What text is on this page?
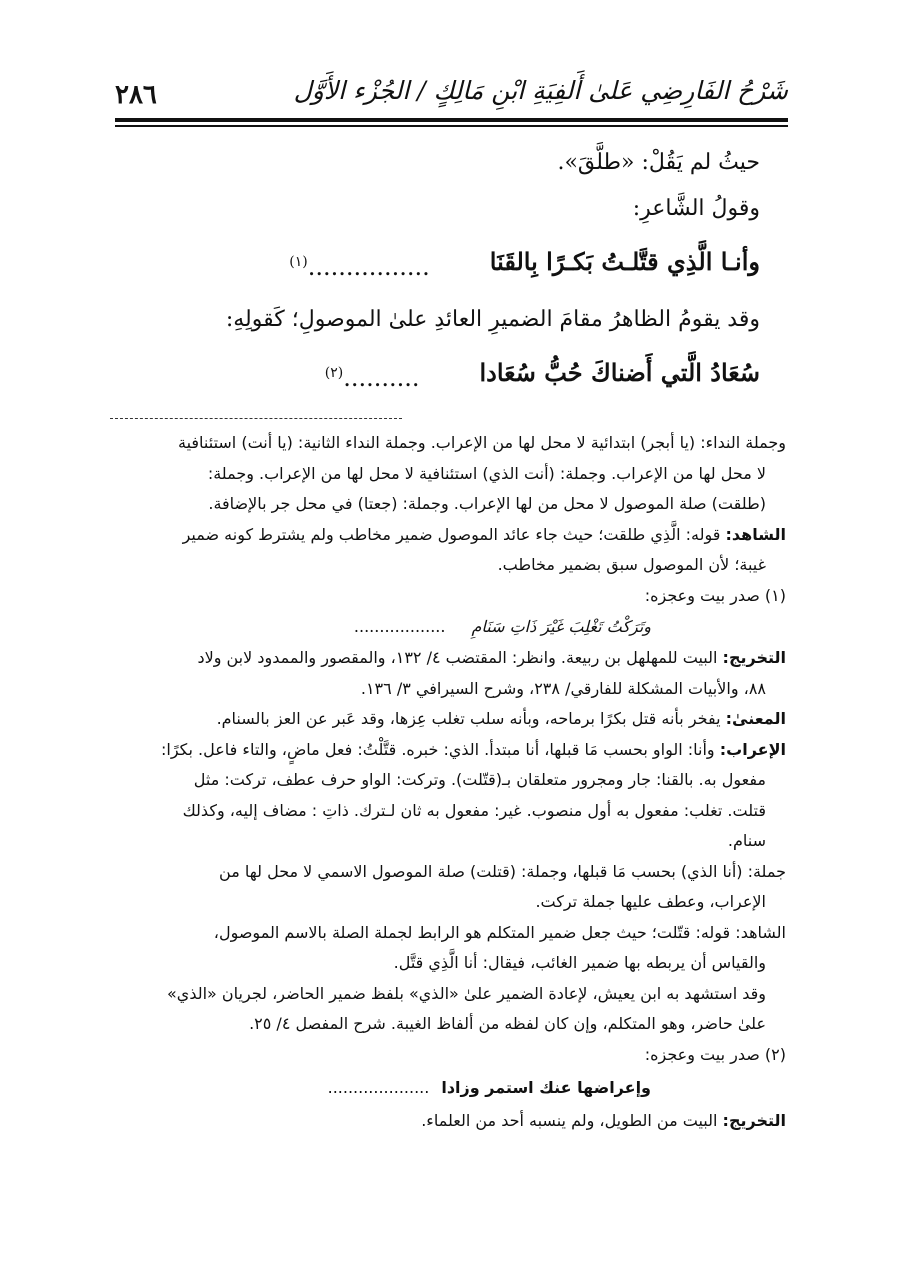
شَرْحُ الفَارِضِي عَلىٰ أَلفِيَةِ ابْنِ مَالِكٍ / الجُزْء الأَوَّل
٢٨٦
حيثُ لم يَقُلْ: «طلَّقَ».
وقولُ الشَّاعرِ:
وأنـا الَّذِي قتَّلـتُ بَكـرًا بِالقَنَا
................$^{(١)}$
وقد يقومُ الظاهرُ مقامَ الضميرِ العائدِ علىٰ الموصولِ؛ كَقولِهِ:
سُعَادُ الَّتي أَضناكَ حُبُّ سُعَادا
..........$^{(٢)}$
وجملة النداء: (يا أبجر) ابتدائية لا محل لها من الإعراب. وجملة النداء الثانية: (يا أنت) استئنافية
لا محل لها من الإعراب. وجملة: (أنت الذي) استئنافية لا محل لها من الإعراب. وجملة:
(طلقت) صلة الموصول لا محل من لها الإعراب. وجملة: (جعتا) في محل جر بالإضافة.
الشاهد: قوله: الَّذِي طلقت؛ حيث جاء عائد الموصول ضمير مخاطب ولم يشترط كونه ضمير
غيبة؛ لأن الموصول سبق بضمير مخاطب.
(١) صدر بيت وعجزه:
وتَرَكْتُ تَغْلِبَ غَيْرَ ذَاتِ سَنَامِ..................
التخريج: البيت للمهلهل بن ربيعة. وانظر: المقتضب ٤/ ١٣٢، والمقصور والممدود لابن ولاد
٨٨، والأبيات المشكلة للفارقي/ ٢٣٨، وشرح السيرافي ٣/ ١٣٦.
المعنىٰ: يفخر بأنه قتل بكرًا برماحه، وبأنه سلب تغلب عِزها، وقد عَبر عن العز بالسنام.
الإعراب: وأنا: الواو بحسب مَا قبلها، أنا مبتدأ. الذي: خبره. قتَّلْتُ: فعل ماضٍ، والتاء فاعل. بكرًا:
مفعول به. بالقنا: جار ومجرور متعلقان بـ(قتّلت). وتركت: الواو حرف عطف، تركت: مثل
قتلت. تغلب: مفعول به أول منصوب. غير: مفعول به ثان لـترك. ذاتِ : مضاف إليه، وكذلك
سنام.
جملة: (أنا الذي) بحسب مَا قبلها، وجملة: (قتلت) صلة الموصول الاسمي لا محل لها من
الإعراب، وعطف عليها جملة تركت.
الشاهد: قوله: قتّلت؛ حيث جعل ضمير المتكلم هو الرابط لجملة الصلة بالاسم الموصول،
والقياس أن يربطه بها ضمير الغائب، فيقال: أنا الَّذِي قتَّل.
وقد استشهد به ابن يعيش، لإعادة الضمير علىٰ «الذي» بلفظ ضمير الحاضر، لجريان «الذي»
علىٰ حاضر، وهو المتكلم، وإن كان لفظه من ألفاظ الغيبة. شرح المفصل ٤/ ٢٥.
(٢) صدر بيت وعجزه:
وإعراضها عنك استمر وزادا....................
التخريج: البيت من الطويل، ولم ينسبه أحد من العلماء.
